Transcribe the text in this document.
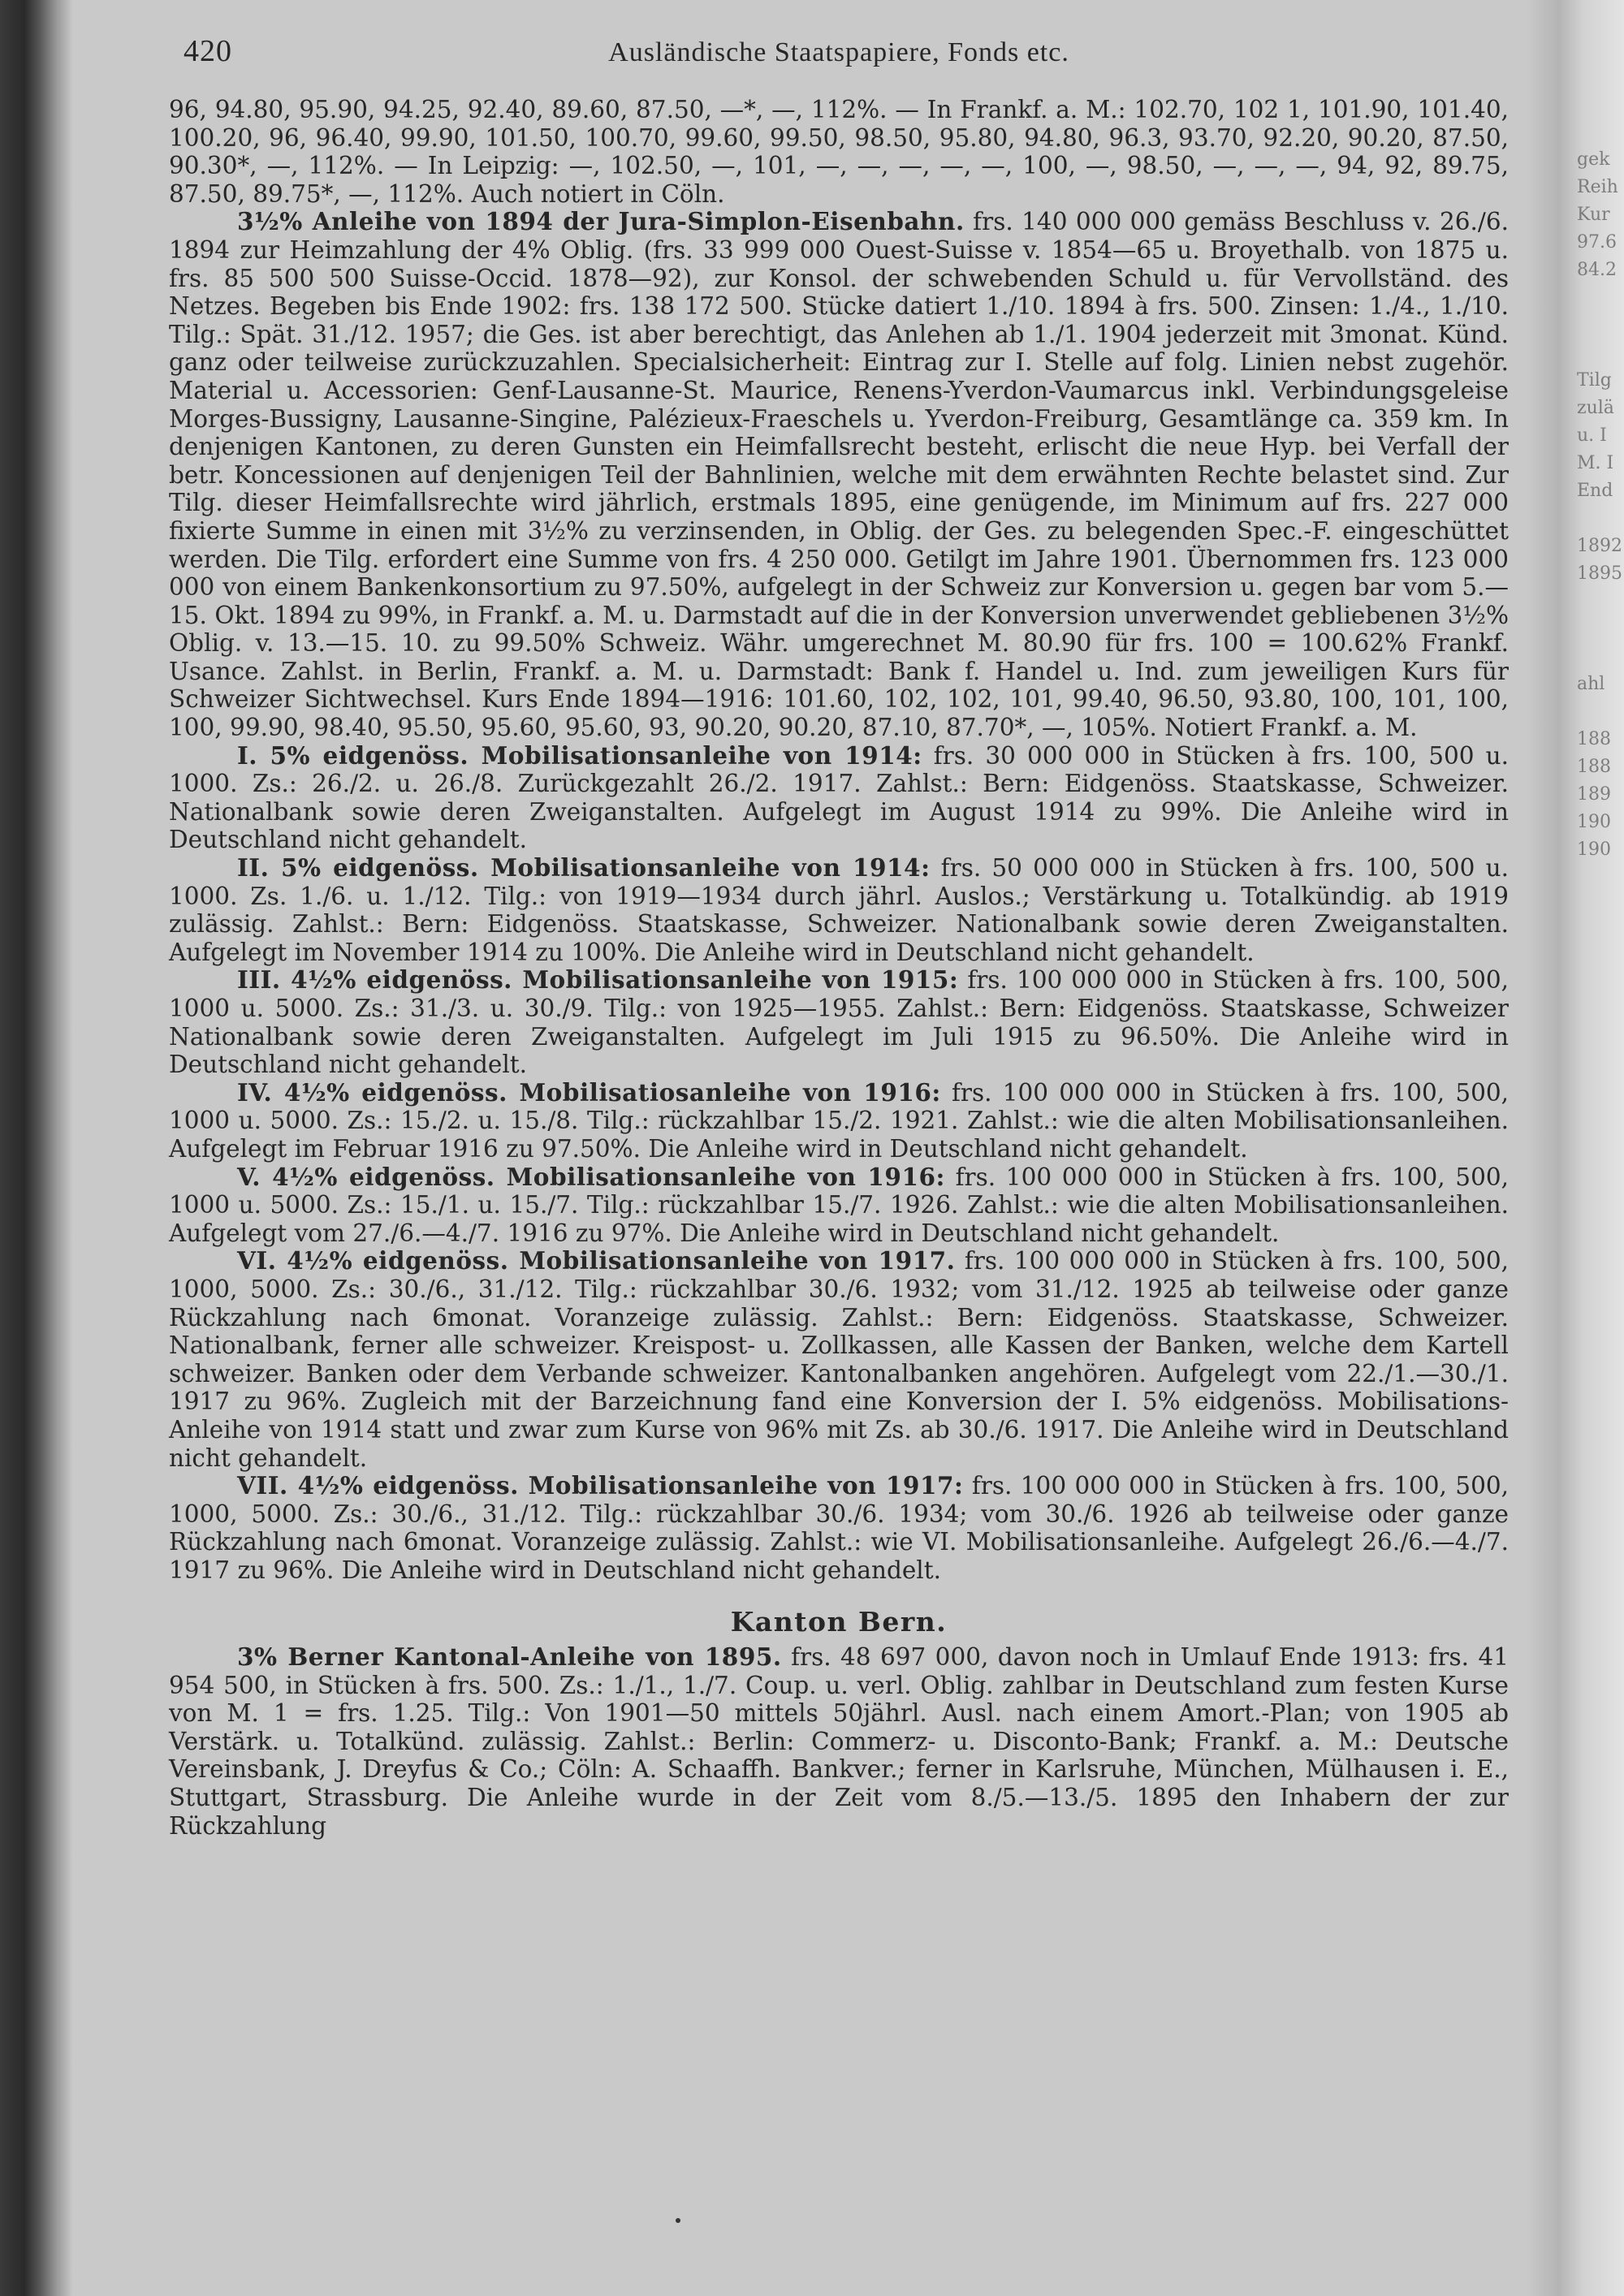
gek
Reih
Kur
97.6
84.2
Tilg
zulä
u. I
M. I
End
1892
1895
ahl
188
188
189
190
190
420	Ausländische Staatspapiere, Fonds etc.
96, 94.80, 95.90, 94.25, 92.40, 89.60, 87.50, —*, —, 112%. — In Frankf. a. M.: 102.70, 102 1, 101.90, 101.40, 100.20, 96, 96.40, 99.90, 101.50, 100.70, 99.60, 99.50, 98.50, 95.80, 94.80, 96.3, 93.70, 92.20, 90.20, 87.50, 90.30*, —, 112%. — In Leipzig: —, 102.50, —, 101, —, —, —, —, —, 100, —, 98.50, —, —, —, 94, 92, 89.75, 87.50, 89.75*, —, 112%. Auch notiert in Cöln.
3½% Anleihe von 1894 der Jura-Simplon-Eisenbahn. frs. 140 000 000 gemäss Beschluss v. 26./6. 1894 zur Heimzahlung der 4% Oblig. (frs. 33 999 000 Ouest-Suisse v. 1854—65 u. Broyethalb. von 1875 u. frs. 85 500 500 Suisse-Occid. 1878—92), zur Konsol. der schwebenden Schuld u. für Vervollständ. des Netzes. Begeben bis Ende 1902: frs. 138 172 500. Stücke datiert 1./10. 1894 à frs. 500. Zinsen: 1./4., 1./10. Tilg.: Spät. 31./12. 1957; die Ges. ist aber berechtigt, das Anlehen ab 1./1. 1904 jederzeit mit 3monat. Künd. ganz oder teilweise zurückzuzahlen. Specialsicherheit: Eintrag zur I. Stelle auf folg. Linien nebst zugehör. Material u. Accessorien: Genf-Lausanne-St. Maurice, Renens-Yverdon-Vaumarcus inkl. Verbindungsgeleise Morges-Bussigny, Lausanne-Singine, Palézieux-Fraeschels u. Yverdon-Freiburg, Gesamtlänge ca. 359 km. In denjenigen Kantonen, zu deren Gunsten ein Heimfallsrecht besteht, erlischt die neue Hyp. bei Verfall der betr. Koncessionen auf denjenigen Teil der Bahnlinien, welche mit dem erwähnten Rechte belastet sind. Zur Tilg. dieser Heimfallsrechte wird jährlich, erstmals 1895, eine genügende, im Minimum auf frs. 227 000 fixierte Summe in einen mit 3½% zu verzinsenden, in Oblig. der Ges. zu belegenden Spec.-F. eingeschüttet werden. Die Tilg. erfordert eine Summe von frs. 4 250 000. Getilgt im Jahre 1901. Übernommen frs. 123 000 000 von einem Bankenkonsortium zu 97.50%, aufgelegt in der Schweiz zur Konversion u. gegen bar vom 5.—15. Okt. 1894 zu 99%, in Frankf. a. M. u. Darmstadt auf die in der Konversion unverwendet gebliebenen 3½% Oblig. v. 13.—15. 10. zu 99.50% Schweiz. Währ. umgerechnet M. 80.90 für frs. 100 = 100.62% Frankf. Usance. Zahlst. in Berlin, Frankf. a. M. u. Darmstadt: Bank f. Handel u. Ind. zum jeweiligen Kurs für Schweizer Sichtwechsel. Kurs Ende 1894—1916: 101.60, 102, 102, 101, 99.40, 96.50, 93.80, 100, 101, 100, 100, 99.90, 98.40, 95.50, 95.60, 95.60, 93, 90.20, 90.20, 87.10, 87.70*, —, 105%. Notiert Frankf. a. M.
I. 5% eidgenöss. Mobilisationsanleihe von 1914: frs. 30 000 000 in Stücken à frs. 100, 500 u. 1000. Zs.: 26./2. u. 26./8. Zurückgezahlt 26./2. 1917. Zahlst.: Bern: Eidgenöss. Staatskasse, Schweizer. Nationalbank sowie deren Zweiganstalten. Aufgelegt im August 1914 zu 99%. Die Anleihe wird in Deutschland nicht gehandelt.
II. 5% eidgenöss. Mobilisationsanleihe von 1914: frs. 50 000 000 in Stücken à frs. 100, 500 u. 1000. Zs. 1./6. u. 1./12. Tilg.: von 1919—1934 durch jährl. Auslos.; Verstärkung u. Totalkündig. ab 1919 zulässig. Zahlst.: Bern: Eidgenöss. Staatskasse, Schweizer. Nationalbank sowie deren Zweiganstalten. Aufgelegt im November 1914 zu 100%. Die Anleihe wird in Deutschland nicht gehandelt.
III. 4½% eidgenöss. Mobilisationsanleihe von 1915: frs. 100 000 000 in Stücken à frs. 100, 500, 1000 u. 5000. Zs.: 31./3. u. 30./9. Tilg.: von 1925—1955. Zahlst.: Bern: Eidgenöss. Staatskasse, Schweizer Nationalbank sowie deren Zweiganstalten. Aufgelegt im Juli 1915 zu 96.50%. Die Anleihe wird in Deutschland nicht gehandelt.
IV. 4½% eidgenöss. Mobilisatiosanleihe von 1916: frs. 100 000 000 in Stücken à frs. 100, 500, 1000 u. 5000. Zs.: 15./2. u. 15./8. Tilg.: rückzahlbar 15./2. 1921. Zahlst.: wie die alten Mobilisationsanleihen. Aufgelegt im Februar 1916 zu 97.50%. Die Anleihe wird in Deutschland nicht gehandelt.
V. 4½% eidgenöss. Mobilisationsanleihe von 1916: frs. 100 000 000 in Stücken à frs. 100, 500, 1000 u. 5000. Zs.: 15./1. u. 15./7. Tilg.: rückzahlbar 15./7. 1926. Zahlst.: wie die alten Mobilisationsanleihen. Aufgelegt vom 27./6.—4./7. 1916 zu 97%. Die Anleihe wird in Deutschland nicht gehandelt.
VI. 4½% eidgenöss. Mobilisationsanleihe von 1917. frs. 100 000 000 in Stücken à frs. 100, 500, 1000, 5000. Zs.: 30./6., 31./12. Tilg.: rückzahlbar 30./6. 1932; vom 31./12. 1925 ab teilweise oder ganze Rückzahlung nach 6monat. Voranzeige zulässig. Zahlst.: Bern: Eidgenöss. Staatskasse, Schweizer. Nationalbank, ferner alle schweizer. Kreispost- u. Zollkassen, alle Kassen der Banken, welche dem Kartell schweizer. Banken oder dem Verbande schweizer. Kantonalbanken angehören. Aufgelegt vom 22./1.—30./1. 1917 zu 96%. Zugleich mit der Barzeichnung fand eine Konversion der I. 5% eidgenöss. Mobilisations-Anleihe von 1914 statt und zwar zum Kurse von 96% mit Zs. ab 30./6. 1917. Die Anleihe wird in Deutschland nicht gehandelt.
VII. 4½% eidgenöss. Mobilisationsanleihe von 1917: frs. 100 000 000 in Stücken à frs. 100, 500, 1000, 5000. Zs.: 30./6., 31./12. Tilg.: rückzahlbar 30./6. 1934; vom 30./6. 1926 ab teilweise oder ganze Rückzahlung nach 6monat. Voranzeige zulässig. Zahlst.: wie VI. Mobilisationsanleihe. Aufgelegt 26./6.—4./7. 1917 zu 96%. Die Anleihe wird in Deutschland nicht gehandelt.
Kanton Bern.
3% Berner Kantonal-Anleihe von 1895. frs. 48 697 000, davon noch in Umlauf Ende 1913: frs. 41 954 500, in Stücken à frs. 500. Zs.: 1./1., 1./7. Coup. u. verl. Oblig. zahlbar in Deutschland zum festen Kurse von M. 1 = frs. 1.25. Tilg.: Von 1901—50 mittels 50jährl. Ausl. nach einem Amort.-Plan; von 1905 ab Verstärk. u. Totalkünd. zulässig. Zahlst.: Berlin: Commerz- u. Disconto-Bank; Frankf. a. M.: Deutsche Vereinsbank, J. Dreyfus & Co.; Cöln: A. Schaaffh. Bankver.; ferner in Karlsruhe, München, Mülhausen i. E., Stuttgart, Strassburg. Die Anleihe wurde in der Zeit vom 8./5.—13./5. 1895 den Inhabern der zur Rückzahlung
